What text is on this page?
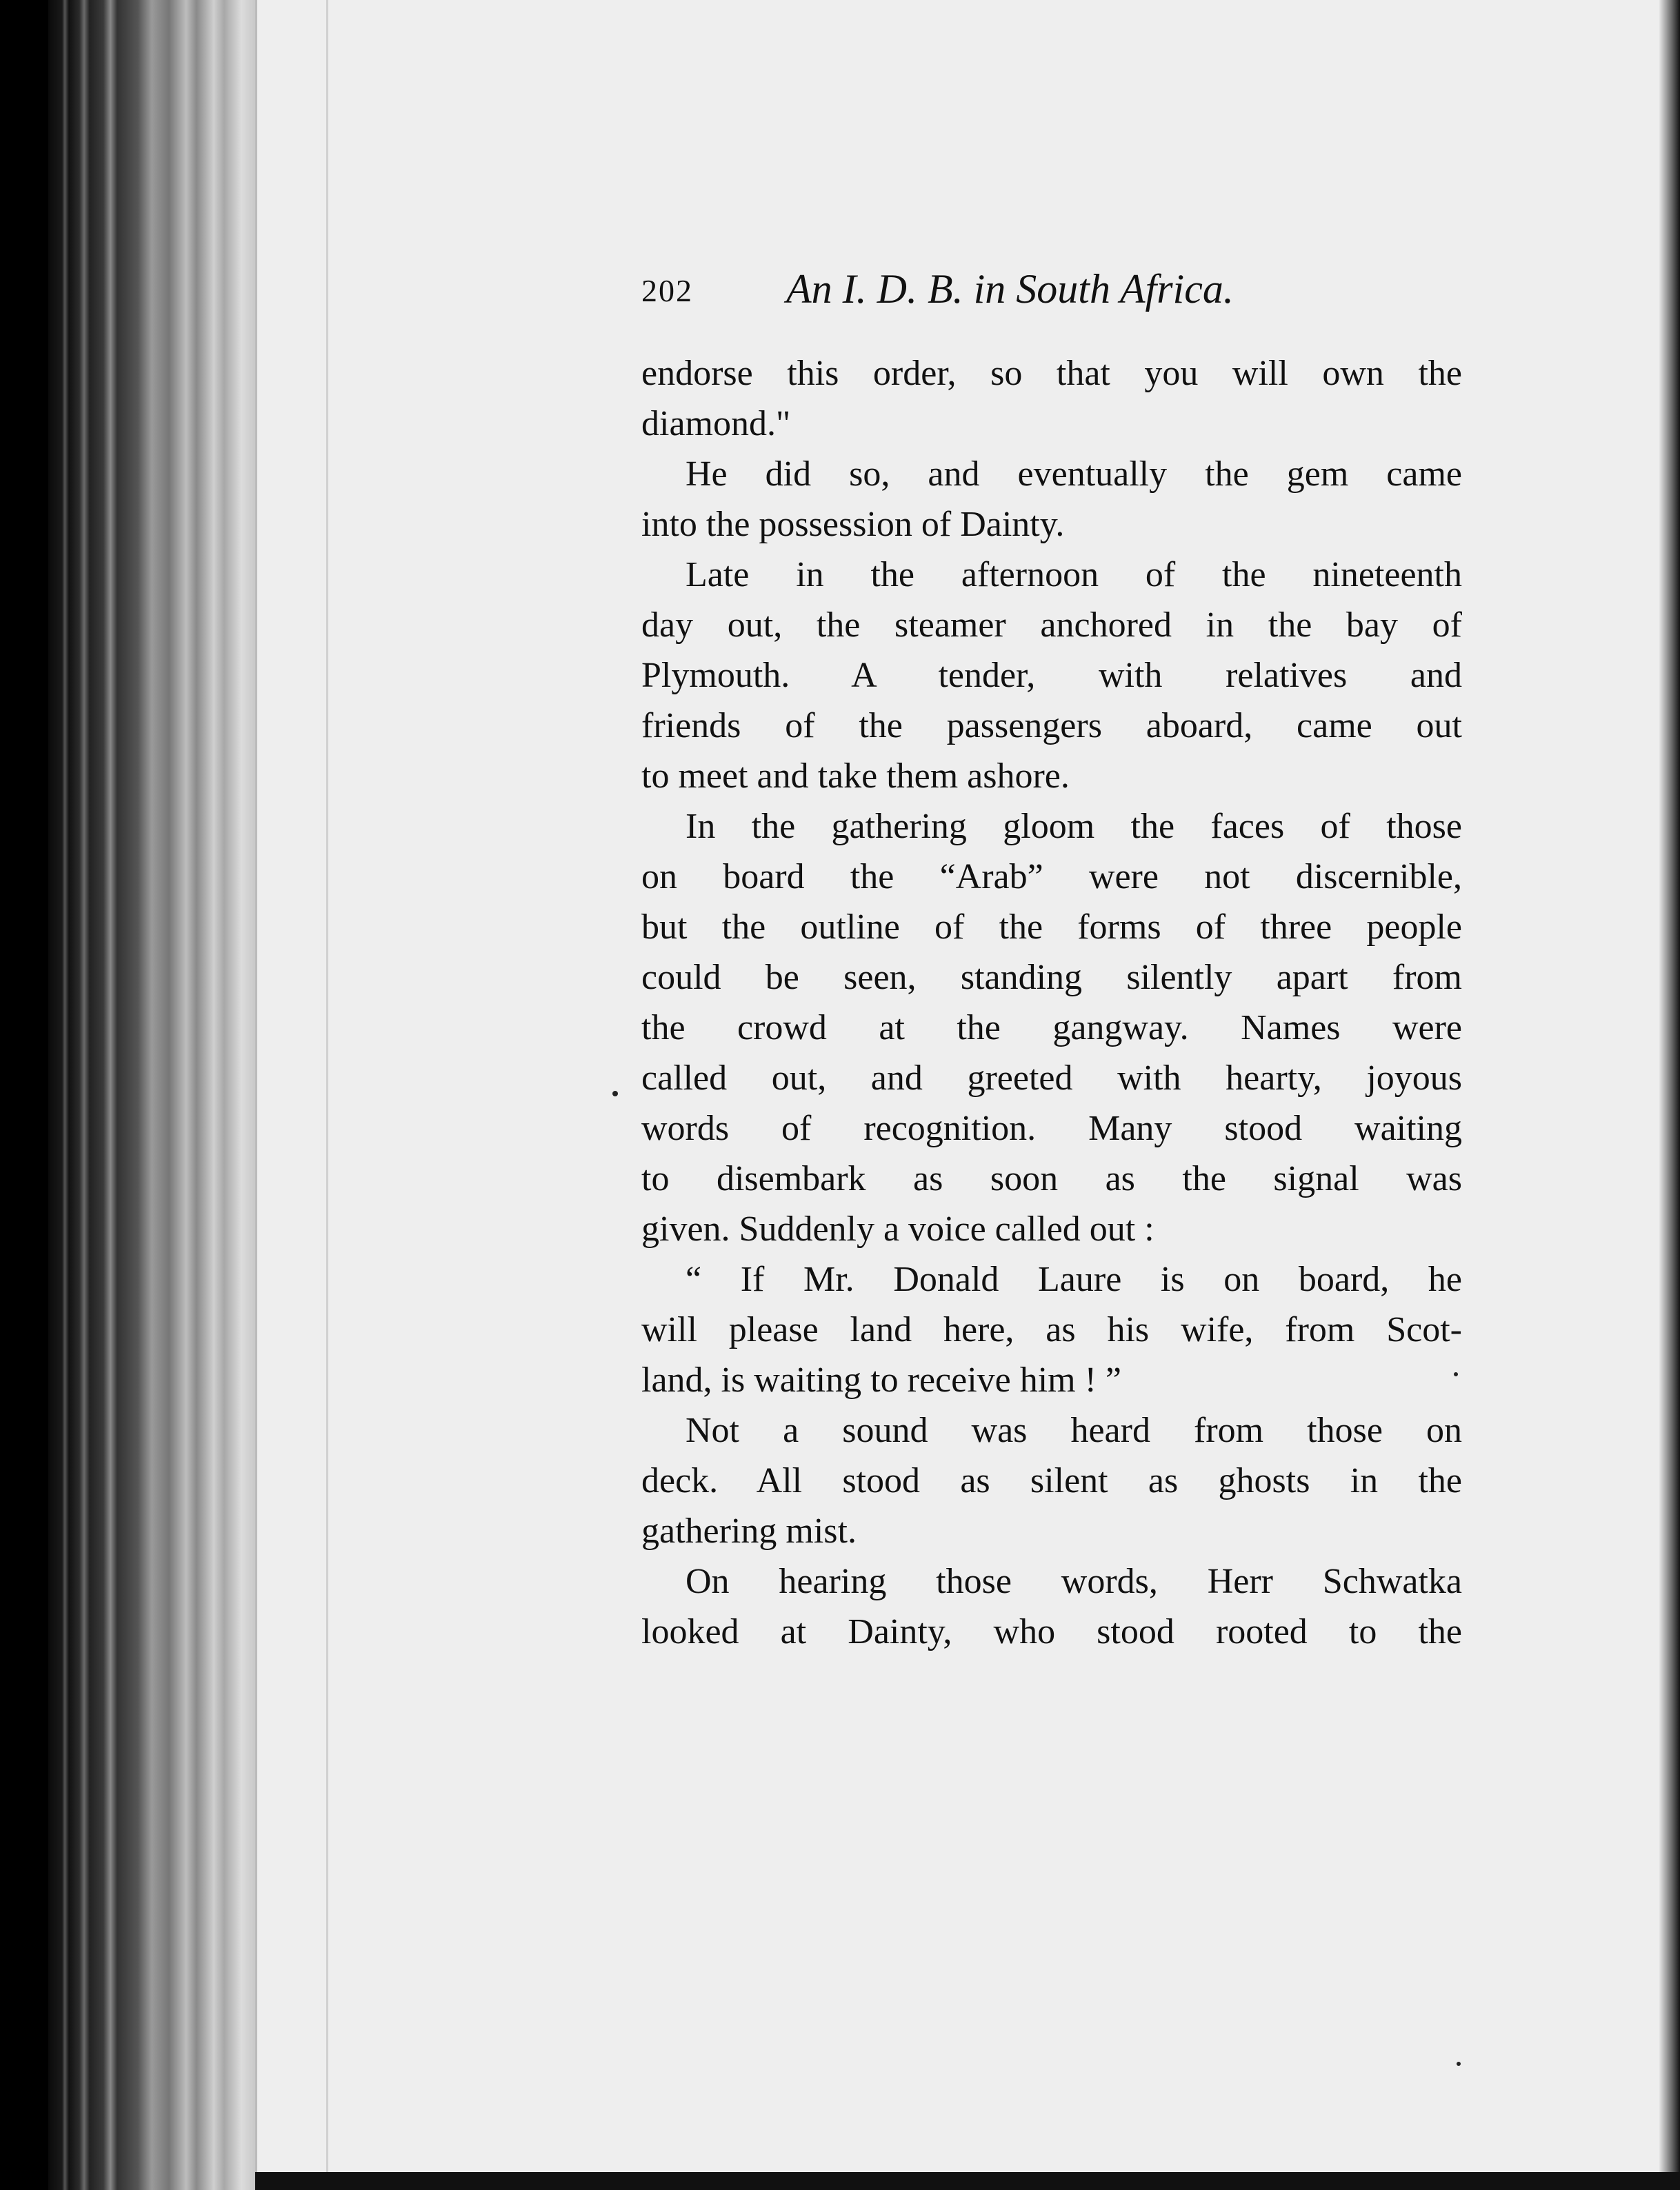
202 An I. D. B. in South Africa.
endorse this order, so that you will own the
diamond."
He did so, and eventually the gem came
into the possession of Dainty.
Late in the afternoon of the nineteenth
day out, the steamer anchored in the bay of
Plymouth. A tender, with relatives and
friends of the passengers aboard, came out
to meet and take them ashore.
In the gathering gloom the faces of those
on board the “Arab” were not discernible,
but the outline of the forms of three people
could be seen, standing silently apart from
the crowd at the gangway. Names were
called out, and greeted with hearty, joyous
words of recognition. Many stood waiting
to disembark as soon as the signal was
given. Suddenly a voice called out :
“ If Mr. Donald Laure is on board, he
will please land here, as his wife, from Scot-
land, is waiting to receive him ! ”
Not a sound was heard from those on
deck. All stood as silent as ghosts in the
gathering mist.
On hearing those words, Herr Schwatka
looked at Dainty, who stood rooted to the
